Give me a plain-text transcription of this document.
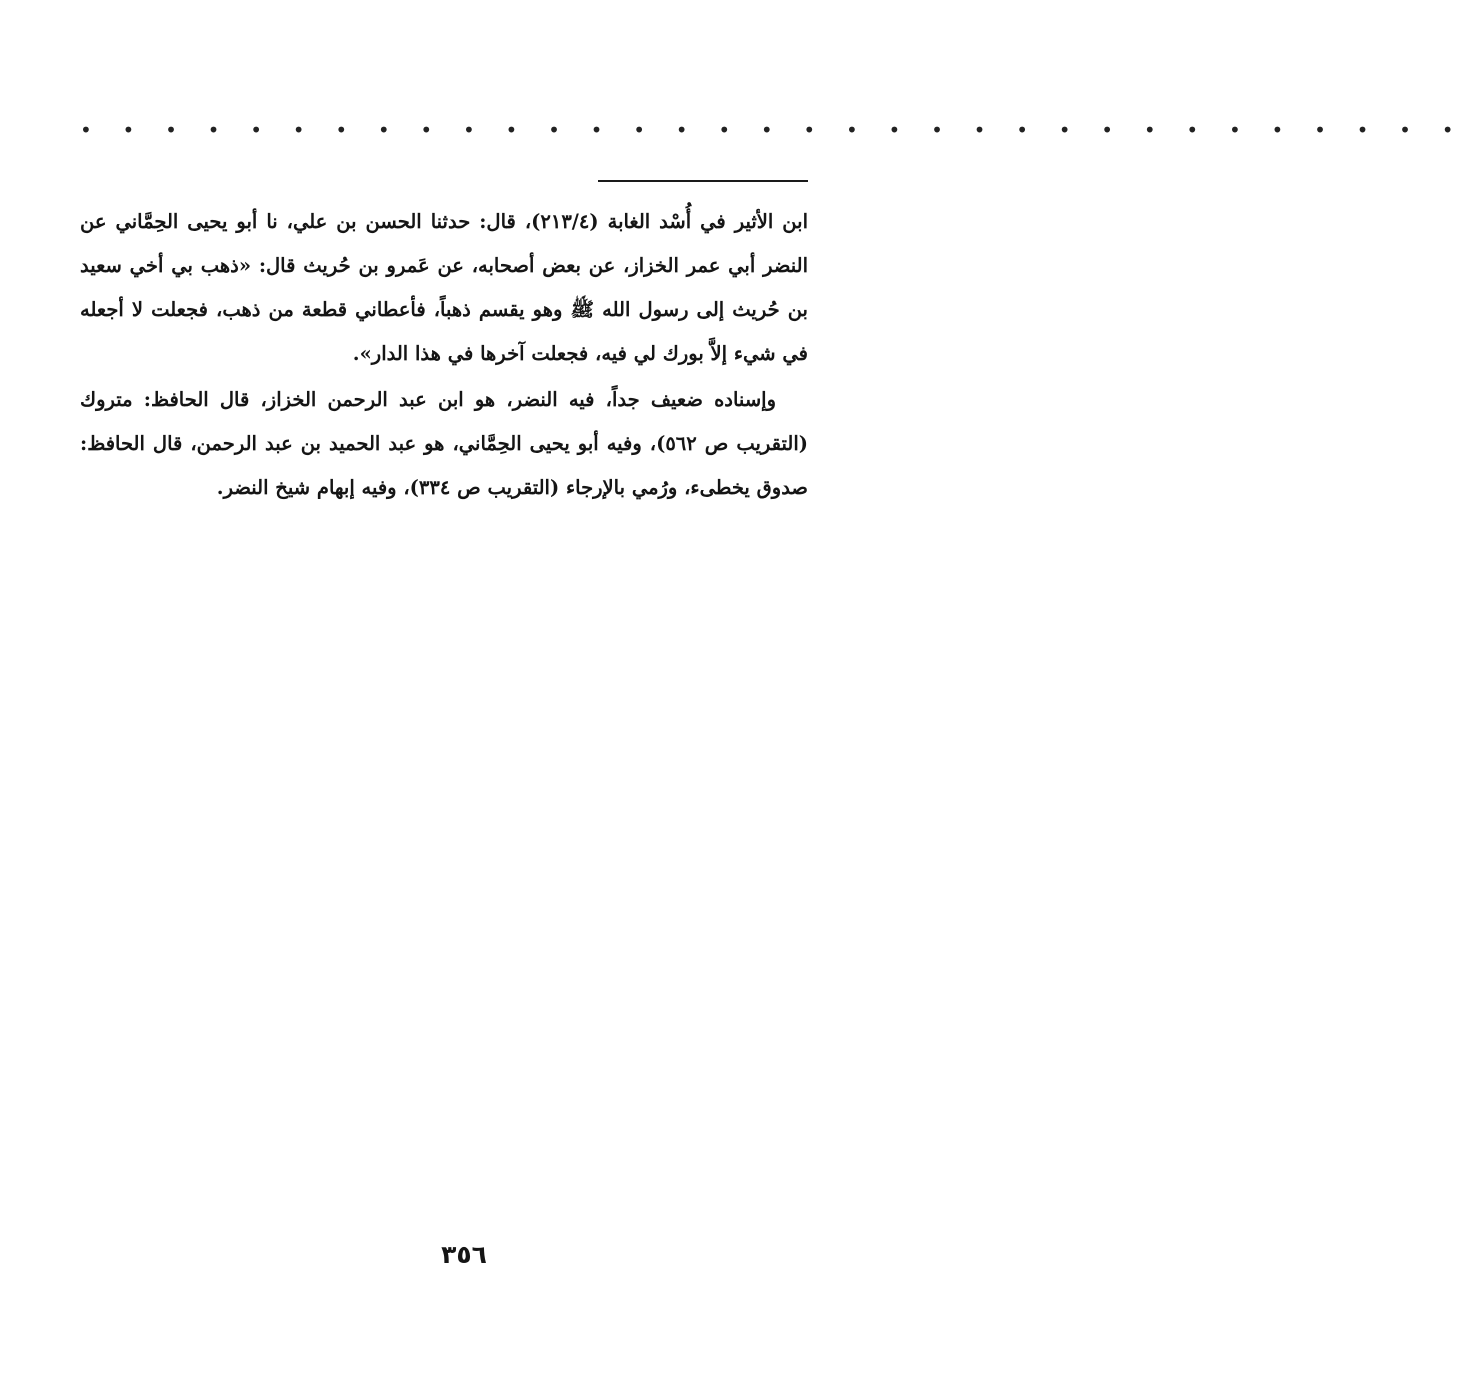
• • • • • • • • • • • • • • • • • • • • • • • • • • • • • • • • •

ابن الأثير في أُسْد الغابة (٢١٣/٤)، قال: حدثنا الحسن بن علي، نا أبو يحيى الحِمَّاني عن النضر أبي عمر الخزاز، عن بعض أصحابه، عن عَمرو بن حُريث قال: «ذهب بي أخي سعيد بن حُريث إلى رسول الله ﷺ وهو يقسم ذهباً، فأعطاني قطعة من ذهب، فجعلت لا أجعله في شيء إلاَّ بورك لي فيه، فجعلت آخرها في هذا الدار».

وإسناده ضعيف جداً، فيه النضر، هو ابن عبد الرحمن الخزاز، قال الحافظ: متروك (التقريب ص ٥٦٢)، وفيه أبو يحيى الحِمَّاني، هو عبد الحميد بن عبد الرحمن، قال الحافظ: صدوق يخطىء، ورُمي بالإرجاء (التقريب ص ٣٣٤)، وفيه إبهام شيخ النضر.

٣٥٦
